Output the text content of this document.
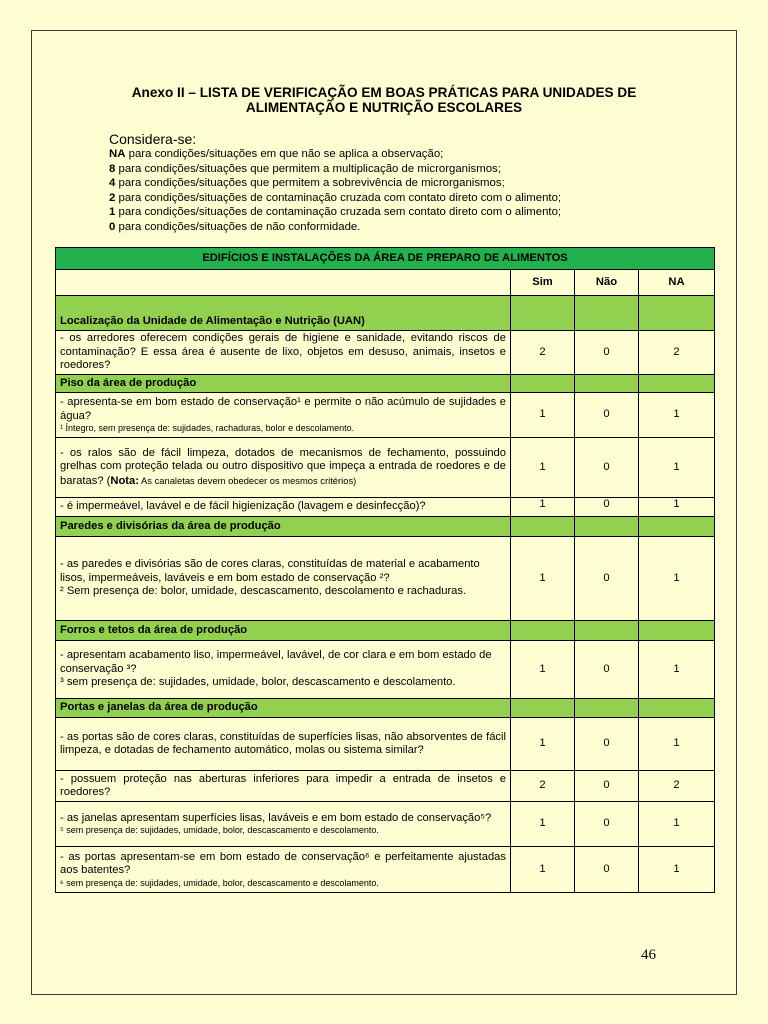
Anexo II – LISTA DE VERIFICAÇÃO EM BOAS PRÁTICAS PARA UNIDADES DE
ALIMENTAÇÃO E NUTRIÇÃO ESCOLARES
Considera-se:
NA para condições/situações em que não se aplica a observação;
8 para condições/situações que permitem a multiplicação de microrganismos;
4 para condições/situações que permitem a sobrevivência de microrganismos;
2 para condições/situações de contaminação cruzada com contato direto com o alimento;
1 para condições/situações de contaminação cruzada sem contato direto com o alimento;
0 para condições/situações de não conformidade.
EDIFÍCIOS E INSTALAÇÕES DA ÁREA DE PREPARO DE ALIMENTOS			
	Sim	Não	NA
Localização da Unidade de Alimentação e Nutrição (UAN)			
- os arredores oferecem condições gerais de higiene e sanidade, evitando riscos de contaminação? E essa área é ausente de lixo, objetos em desuso, animais, insetos e roedores?	2	0	2
Piso da área de produção			
- apresenta-se em bom estado de conservação¹ e permite o não acúmulo de sujidades e água?
¹ Íntegro, sem presença de: sujidades, rachaduras, bolor e descolamento.	1	0	1
- os ralos são de fácil limpeza, dotados de mecanismos de fechamento, possuindo grelhas com proteção telada ou outro dispositivo que impeça a entrada de roedores e de baratas? (Nota: As canaletas devem obedecer os mesmos critérios)	1	0	1
- é impermeável, lavável e de fácil higienização (lavagem e desinfecção)?	1	0	1
Paredes e divisórias da área de produção			
- as paredes e divisórias são de cores claras, constituídas de material e acabamento lisos, impermeáveis, laváveis e em bom estado de conservação ²?
² Sem presença de: bolor, umidade, descascamento, descolamento e rachaduras.	1	0	1
Forros e tetos da área de produção			
- apresentam acabamento liso, impermeável, lavável, de cor clara e em bom estado de conservação ³?
³ sem presença de: sujidades, umidade, bolor, descascamento e descolamento.	1	0	1
Portas e janelas da área de produção			
- as portas são de cores claras, constituídas de superfícies lisas, não absorventes de fácil limpeza, e dotadas de fechamento automático, molas ou sistema similar?	1	0	1
- possuem proteção nas aberturas inferiores para impedir a entrada de insetos e roedores?	2	0	2
- as janelas apresentam superfícies lisas, laváveis e em bom estado de conservação⁵?
⁵ sem presença de: sujidades, umidade, bolor, descascamento e descolamento.	1	0	1
- as portas apresentam-se em bom estado de conservação⁶ e perfeitamente ajustadas aos batentes?
⁶ sem presença de: sujidades, umidade, bolor, descascamento e descolamento.	1	0	1
46
